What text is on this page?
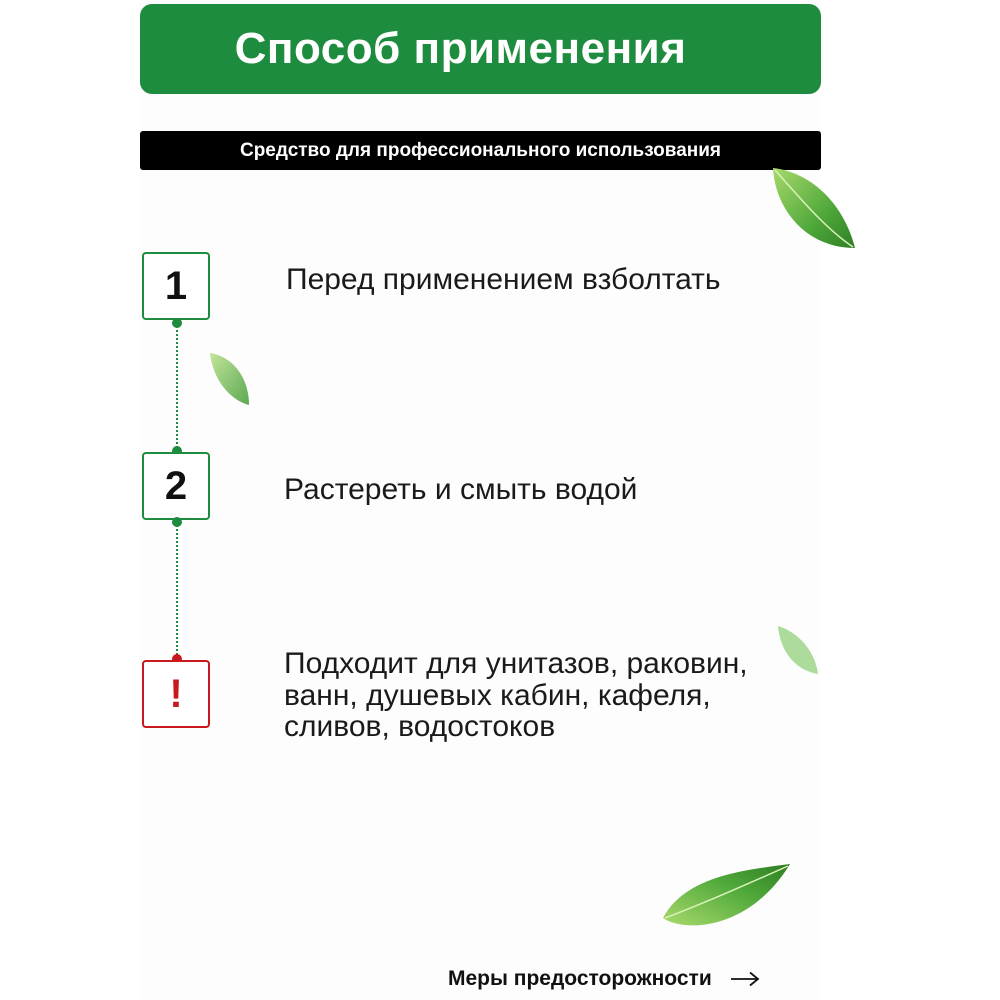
Способ применения
Средство для профессионального использования
1	Перед применением взболтать
2	Растереть и смыть водой
!
Подходит для унитазов, раковин, ванн, душевых кабин, кафеля, сливов, водостоков
Меры предосторожности
